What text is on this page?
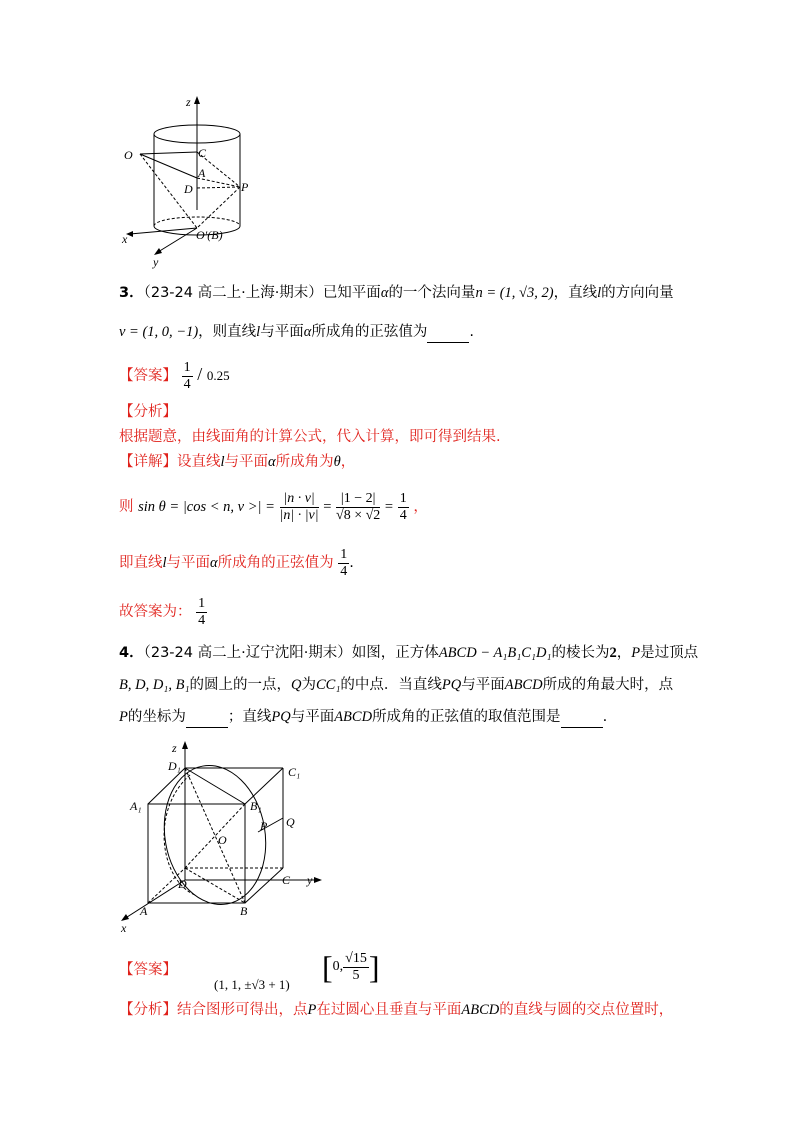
z
O	C
A
D	P
O′(B)
x
y
3．（23-24 高二上·上海·期末）已知平面α的一个法向量n = (1, √3, 2)，直线l的方向向量
v = (1, 0, −1)，则直线l与平面α所成角的正弦值为	.
【答案】 $\frac{1}{4} / 0.25$
【分析】
根据题意，由线面角的计算公式，代入计算，即可得到结果.
【详解】设直线l与平面α所成角为θ，
则 sin θ = |cos < n, v >| = $\frac{|n \cdot v|}{|n| \cdot |v|} = \frac{|1 - 2|}{√8 \times √2} = \frac{1}{4}$ ，
即直线l与平面α所成角的正弦值为 $\frac{1}{4}$ .
故答案为： $\frac{1}{4}$
4．（23-24 高二上·辽宁沈阳·期末）如图，正方体ABCD − A₁B₁C₁D₁的棱长为2，P是过顶点
B, D, D₁, B₁的圆上的一点，Q为CC₁的中点．当直线PQ与平面ABCD所成的角最大时，点
P的坐标为	；直线PQ与平面ABCD所成角的正弦值的取值范围是	.
z
y
x
D₁	C₁
A₁	B₁
O
P Q
D	C
A	B
【答案】
(1, 1, ±√3 + 1) [ 0, $\frac{√15}{5}$ ]
【分析】结合图形可得出，点P在过圆心且垂直与平面ABCD的直线与圆的交点位置时，
